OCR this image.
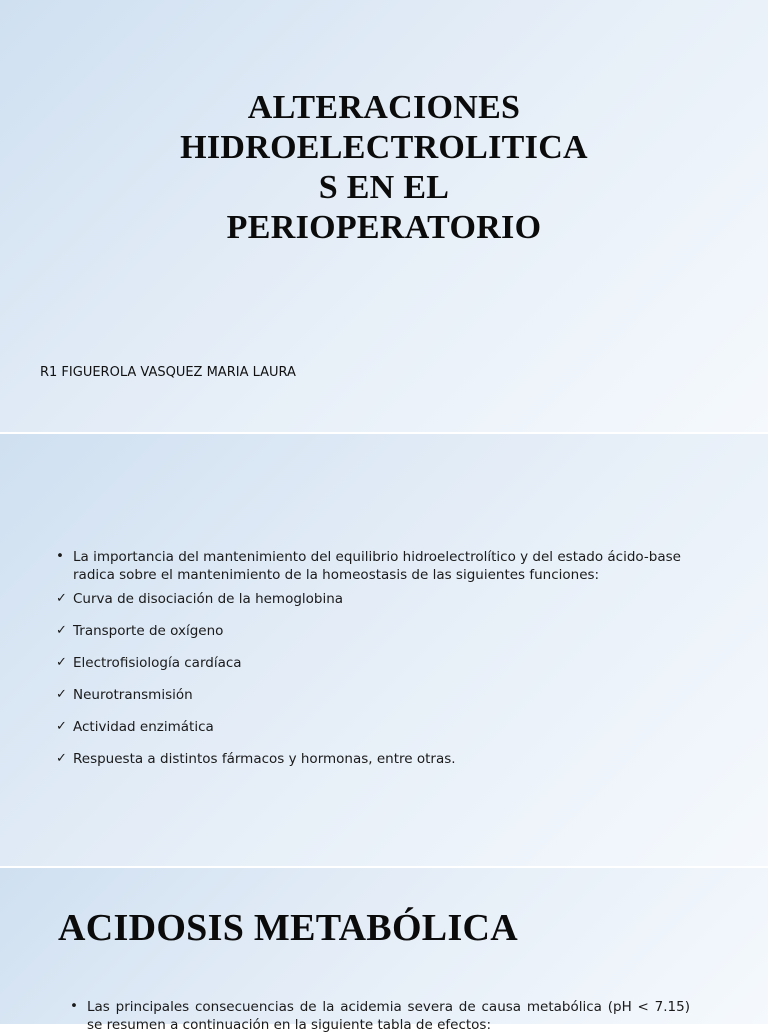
ALTERACIONES
HIDROELECTROLITICA
S EN EL
PERIOPERATORIO
R1 FIGUEROLA VASQUEZ MARIA LAURA
• La importancia del mantenimiento del equilibrio hidroelectrolítico y del estado ácido-base radica sobre el mantenimiento de la homeostasis de las siguientes funciones:
✓ Curva de disociación de la hemoglobina
✓ Transporte de oxígeno
✓ Electrofisiología cardíaca
✓ Neurotransmisión
✓ Actividad enzimática
✓ Respuesta a distintos fármacos y hormonas, entre otras.
ACIDOSIS METABÓLICA
• Las principales consecuencias de la acidemia severa de causa metabólica (pH < 7.15) se resumen a continuación en la siguiente tabla de efectos:
